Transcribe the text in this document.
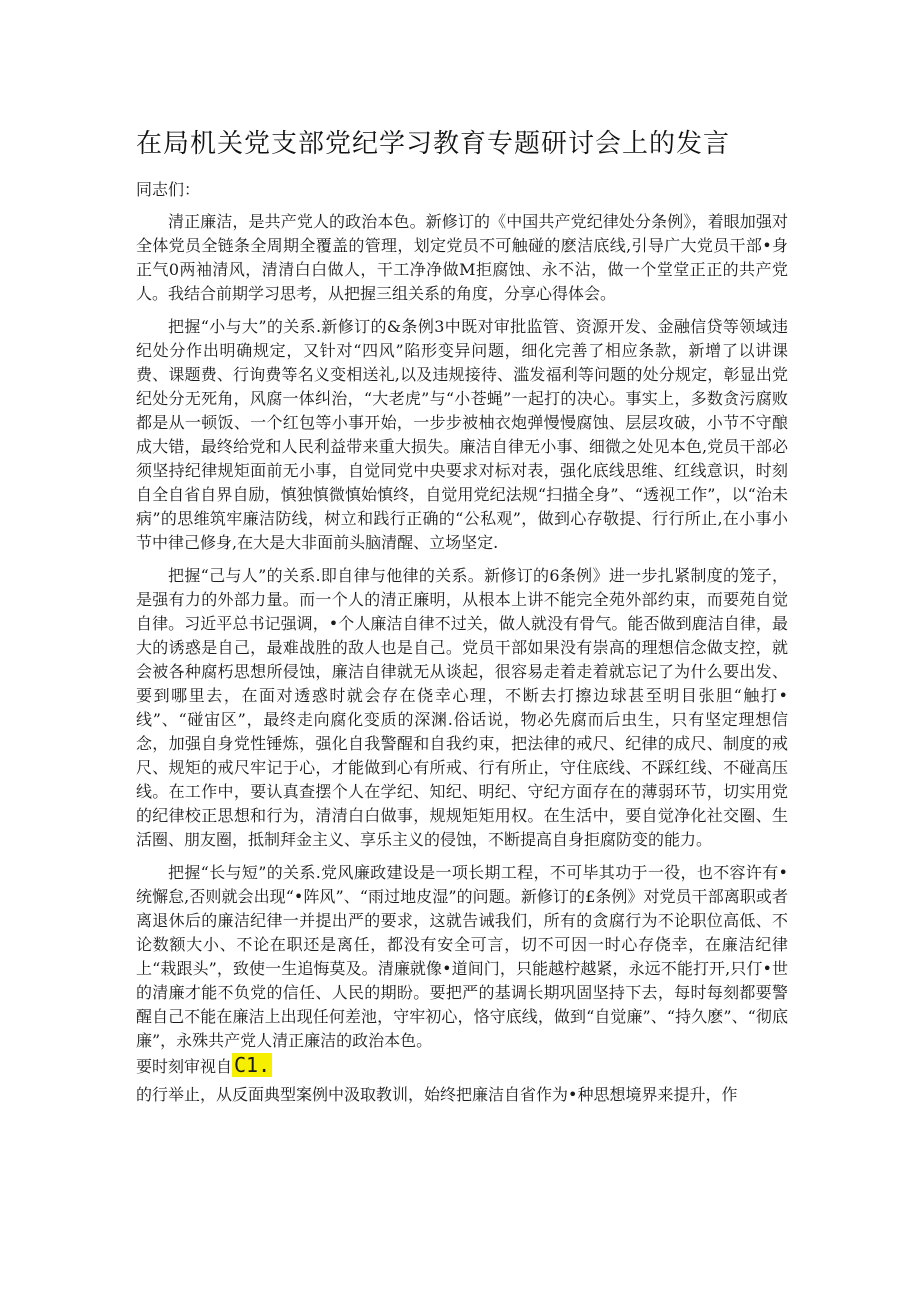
在局机关党支部党纪学习教育专题研讨会上的发言

同志们：

清正廉洁，是共产党人的政治本色。新修订的《中国共产党纪律处分条例》，着眼加强对全体党员全链条全周期全覆盖的管理，划定党员不可触碰的麽洁底线,引导广大党员干部•身正气0两袖清风，清清白白做人，干工净净做M拒腐蚀、永不沾，做一个堂堂正正的共产党人。我结合前期学习思考，从把握三组关系的角度，分享心得体会。

把握“小与大”的关系.新修订的&条例3中既对审批监管、资源开发、金融信贷等领域违纪处分作出明确规定，又针对“四风”陷形变异问题，细化完善了相应条款，新增了以讲课费、课题费、行询费等名义变相送礼,以及违规接待、滥发福利等问题的处分规定，彰显出党纪处分无死角，风腐一体纠治，“大老虎”与“小苍蝇”一起打的决心。事实上，多数贪污腐败都是从一顿饭、一个红包等小事开始，一步步被柚衣炮弹慢慢腐蚀、层层攻破，小节不守酿成大错，最终给党和人民利益带来重大损失。廉洁自律无小事、细微之处见本色,党员干部必须坚持纪律规矩面前无小事，自觉同党中央要求对标对表，强化底线思维、红线意识，时刻自全自省自界自励，慎独慎微慎始慎终，自觉用党纪法规“扫描全身”、“透视工作”，以“治未病”的思维筑牢廉洁防线，树立和践行正确的“公私观”，做到心存敬提、行行所止,在小事小节中律己修身,在大是大非面前头脑清醒、立场坚定.

把握“己与人”的关系.即自律与他律的关系。新修订的6条例》进一步扎紧制度的笼子，是强有力的外部力量。而一个人的清正廉明，从根本上讲不能完全苑外部约束，而要苑自觉自律。习近平总书记强调，•个人廉洁自律不过关，做人就没有骨气。能否做到鹿洁自律，最大的诱惑是自己，最难战胜的敌人也是自己。党员干部如果没有崇高的理想信念做支控，就会被各种腐朽思想所侵蚀，廉洁自律就无从谈起，很容易走着走着就忘记了为什么要出发、要到哪里去，在面对透惑时就会存在侥幸心理，不断去打擦边球甚至明目张胆“触打•线”、“碰宙区”，最终走向腐化变质的深渊.俗话说，物必先腐而后虫生，只有坚定理想信念，加强自身党性锤炼，强化自我警醒和自我约束，把法律的戒尺、纪律的成尺、制度的戒尺、规矩的戒尺牢记于心，才能做到心有所戒、行有所止，守住底线、不踩红线、不碰高压线。在工作中，要认真查摆个人在学纪、知纪、明纪、守纪方面存在的薄弱环节，切实用党的纪律校正思想和行为，清清白白做事，规规矩矩用权。在生活中，要自觉净化社交圈、生活圈、朋友圈，抵制拜金主义、享乐主义的侵蚀，不断提高自身拒腐防变的能力。

把握“长与短”的关系.党风廉政建设是一项长期工程，不可毕其功于一役，也不容许有•统懈怠,否则就会出现“•阵风”、“雨过地皮湿”的问题。新修订的£条例》对党员干部离职或者离退休后的廉洁纪律一并提出严的要求，这就告诫我们，所有的贪腐行为不论职位高低、不论数额大小、不论在职还是离任，都没有安全可言，切不可因一时心存侥幸，在廉洁纪律上“栽跟头”，致使一生追悔莫及。清廉就像•道间门，只能越柠越紧，永远不能打开,只仃•世的清廉才能不负党的信任、人民的期盼。要把严的基调长期巩固坚持下去，每时每刻都要警醒自己不能在廉洁上出现任何差池，守牢初心，恪守底线，做到“自觉廉”、“持久麽”、“彻底廉”，永殊共产党人清正廉洁的政治本色。

要时刻审视自 C1.

的行举止，从反面典型案例中汲取教训，始终把廉洁自省作为•种思想境界来提升，作
